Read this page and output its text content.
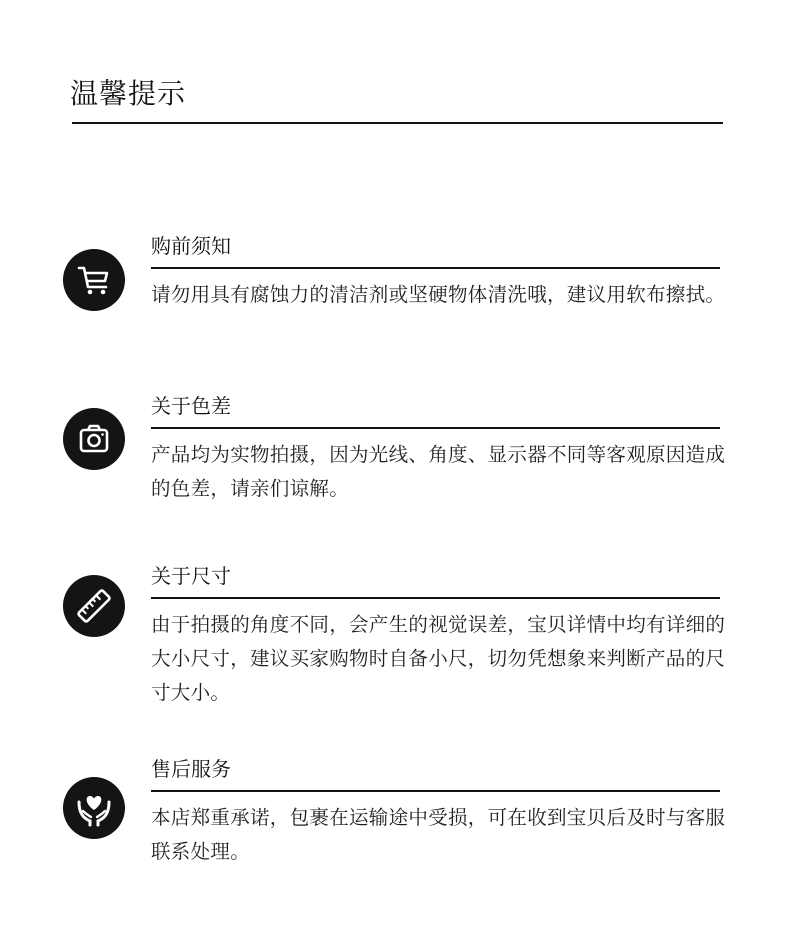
温馨提示
购前须知
请勿用具有腐蚀力的清洁剂或坚硬物体清洗哦，建议用软布擦拭。
关于色差
产品均为实物拍摄，因为光线、角度、显示器不同等客观原因造成的色差，请亲们谅解。
关于尺寸
由于拍摄的角度不同，会产生的视觉误差，宝贝详情中均有详细的大小尺寸，建议买家购物时自备小尺，切勿凭想象来判断产品的尺寸大小。
售后服务
本店郑重承诺，包裹在运输途中受损，可在收到宝贝后及时与客服联系处理。
